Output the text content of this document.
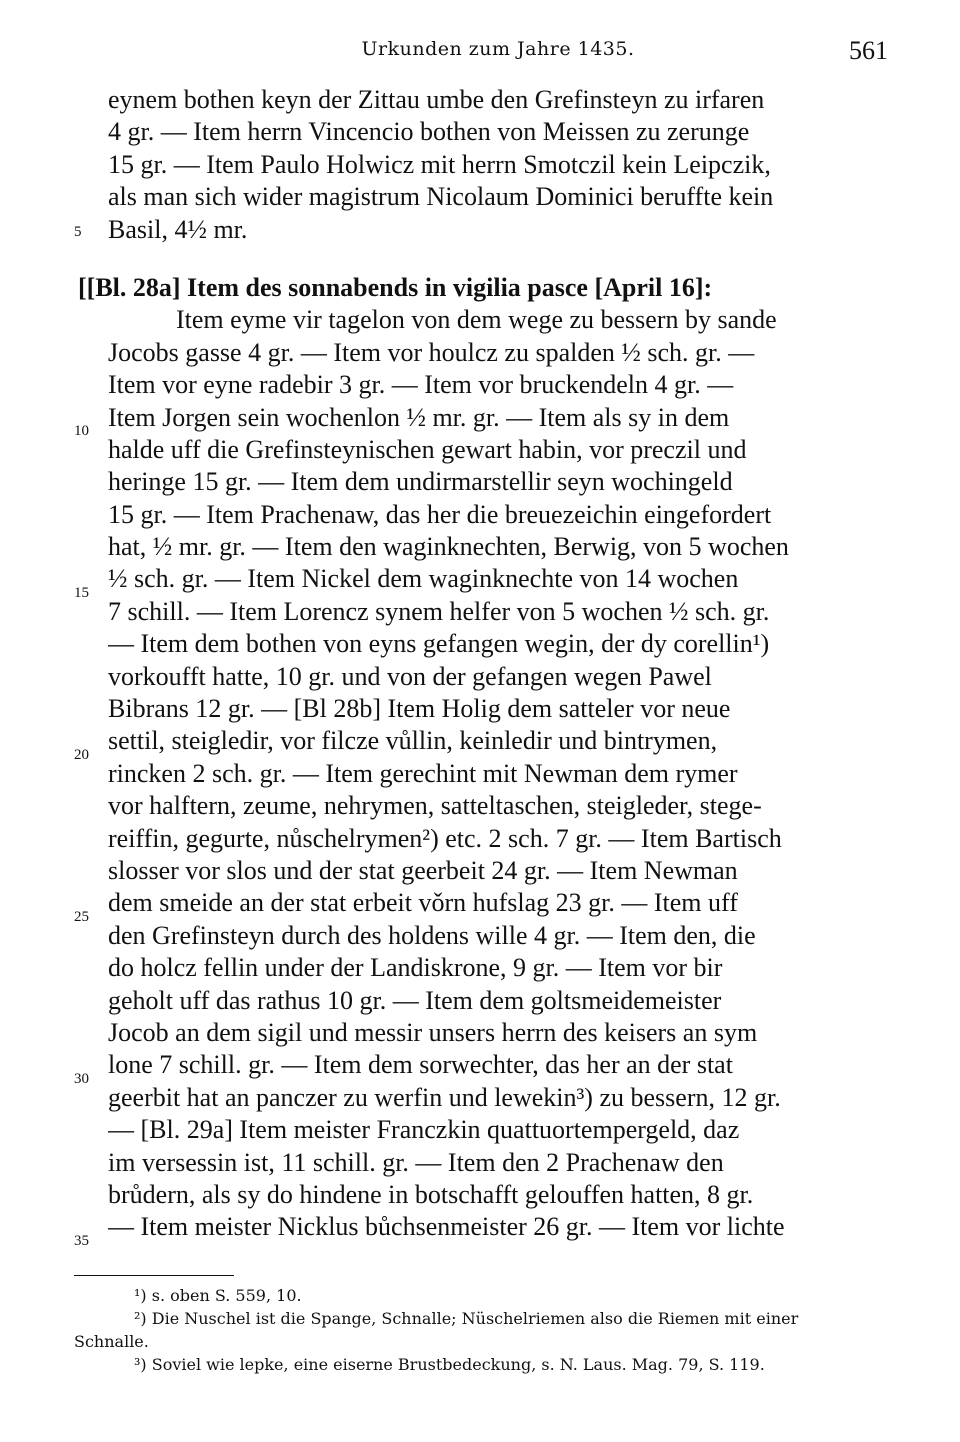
Urkunden zum Jahre 1435.	561
5
10
15
20
25
30
35
eynem bothen keyn der Zittau umbe den Grefinsteyn zu irfaren
4 gr. — Item herrn Vincencio bothen von Meissen zu zerunge
15 gr. — Item Paulo Holwicz mit herrn Smotczil kein Leipczik,
als man sich wider magistrum Nicolaum Dominici beruffte kein
Basil, 4½ mr.
[[Bl. 28a] Item des sonnabends in vigilia pasce [April 16]:
Item eyme vir tagelon von dem wege zu bessern by sande
Jocobs gasse 4 gr. — Item vor houlcz zu spalden ½ sch. gr. —
Item vor eyne radebir 3 gr. — Item vor bruckendeln 4 gr. —
Item Jorgen sein wochenlon ½ mr. gr. — Item als sy in dem
halde uff die Grefinsteynischen gewart habin, vor preczil und
heringe 15 gr. — Item dem undirmarstellir seyn wochingeld
15 gr. — Item Prachenaw, das her die breuezeichin eingefordert
hat, ½ mr. gr. — Item den waginknechten, Berwig, von 5 wochen
½ sch. gr. — Item Nickel dem waginknechte von 14 wochen
7 schill. — Item Lorencz synem helfer von 5 wochen ½ sch. gr.
— Item dem bothen von eyns gefangen wegin, der dy corellin¹)
vorkoufft hatte, 10 gr. und von der gefangen wegen Pawel
Bibrans 12 gr. — [Bl 28b] Item Holig dem satteler vor neue
settil, steigledir, vor filcze vůllin, keinledir und bintrymen,
rincken 2 sch. gr. — Item gerechint mit Newman dem rymer
vor halftern, zeume, nehrymen, satteltaschen, steigleder, stege-
reiffin, gegurte, nůschelrymen²) etc. 2 sch. 7 gr. — Item Bartisch
slosser vor slos und der stat geerbeit 24 gr. — Item Newman
dem smeide an der stat erbeit vǒrn hufslag 23 gr. — Item uff
den Grefinsteyn durch des holdens wille 4 gr. — Item den, die
do holcz fellin under der Landiskrone, 9 gr. — Item vor bir
geholt uff das rathus 10 gr. — Item dem goltsmeidemeister
Jocob an dem sigil und messir unsers herrn des keisers an sym
lone 7 schill. gr. — Item dem sorwechter, das her an der stat
geerbit hat an panczer zu werfin und lewekin³) zu bessern, 12 gr.
— [Bl. 29a] Item meister Franczkin quattuortempergeld, daz
im versessin ist, 11 schill. gr. — Item den 2 Prachenaw den
brůdern, als sy do hindene in botschafft gelouffen hatten, 8 gr.
— Item meister Nicklus bůchsenmeister 26 gr. — Item vor lichte
¹) s. oben S. 559, 10.
²) Die Nuschel ist die Spange, Schnalle; Nüschelriemen also die Riemen mit einer
Schnalle.
³) Soviel wie lepke, eine eiserne Brustbedeckung, s. N. Laus. Mag. 79, S. 119.
